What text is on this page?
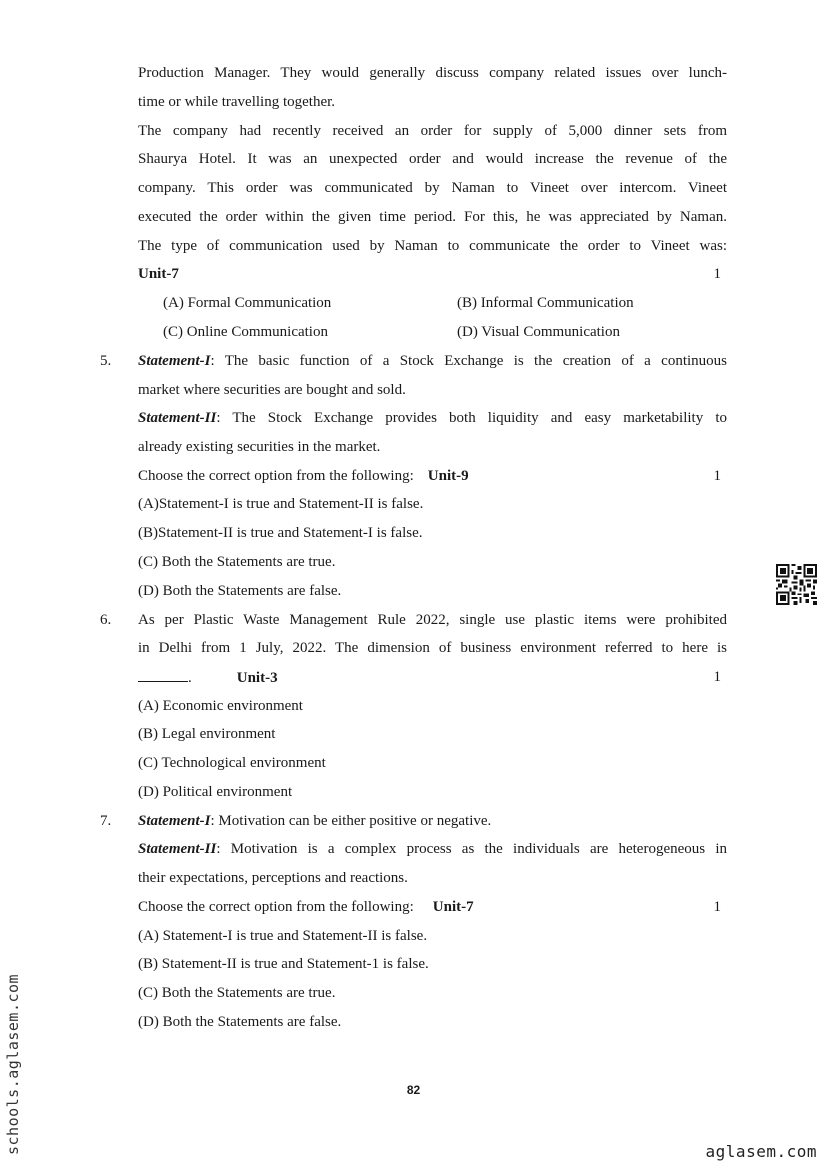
Production Manager. They would generally discuss company related issues over lunch-
time or while travelling together.
The company had recently received an order for supply of 5,000 dinner sets from
Shaurya Hotel. It was an unexpected order and would increase the revenue of the
company. This order was communicated by Naman to Vineet over intercom. Vineet
executed the order within the given time period. For this, he was appreciated by Naman.
The type of communication used by Naman to communicate the order to Vineet was:
Unit-7	1
(A) Formal Communication	(B) Informal Communication
(C) Online Communication	(D) Visual Communication
5.	Statement-I: The basic function of a Stock Exchange is the creation of a continuous
market where securities are bought and sold.
Statement-II: The Stock Exchange provides both liquidity and easy marketability to
already existing securities in the market.
Choose the correct option from the following: Unit-9	1
(A)Statement-I is true and Statement-II is false.
(B)Statement-II is true and Statement-I is false.
(C) Both the Statements are true.
(D) Both the Statements are false.
6.	As per Plastic Waste Management Rule 2022, single use plastic items were prohibited
in Delhi from 1 July, 2022. The dimension of business environment referred to here is
.	Unit-3	1
(A) Economic environment
(B) Legal environment
(C) Technological environment
(D) Political environment
7.	Statement-I: Motivation can be either positive or negative.
Statement-II: Motivation is a complex process as the individuals are heterogeneous in
their expectations, perceptions and reactions.
Choose the correct option from the following: Unit-7	1
(A) Statement-I is true and Statement-II is false.
(B) Statement-II is true and Statement-1 is false.
(C) Both the Statements are true.
(D) Both the Statements are false.
82
schools.aglasem.com	aglasem.com
